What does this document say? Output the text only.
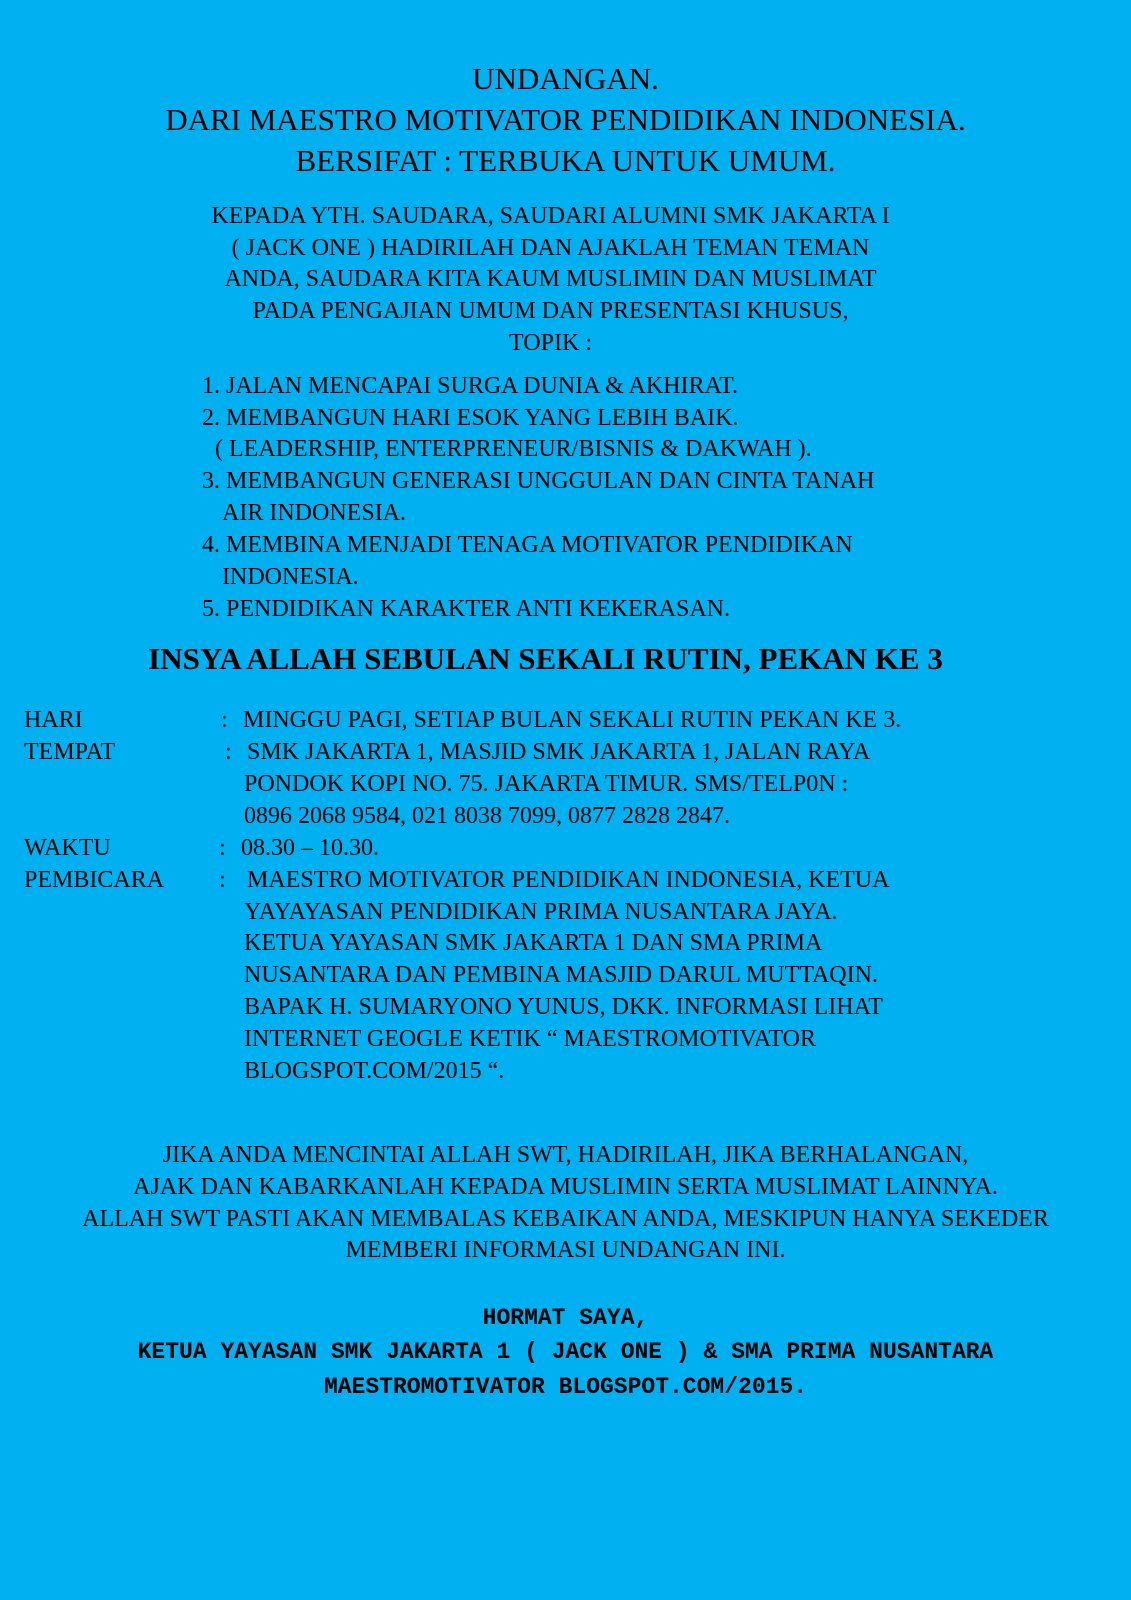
UNDANGAN.
DARI MAESTRO MOTIVATOR PENDIDIKAN INDONESIA.
BERSIFAT : TERBUKA UNTUK UMUM.
KEPADA YTH. SAUDARA, SAUDARI ALUMNI SMK JAKARTA I
( JACK ONE ) HADIRILAH DAN AJAKLAH TEMAN TEMAN
ANDA, SAUDARA KITA KAUM MUSLIMIN DAN MUSLIMAT
PADA PENGAJIAN UMUM DAN PRESENTASI KHUSUS,
TOPIK :
1. JALAN MENCAPAI SURGA DUNIA & AKHIRAT.
2. MEMBANGUN HARI ESOK YANG LEBIH BAIK.
( LEADERSHIP, ENTERPRENEUR/BISNIS & DAKWAH ).
3. MEMBANGUN GENERASI UNGGULAN DAN CINTA TANAH
AIR INDONESIA.
4. MEMBINA MENJADI TENAGA MOTIVATOR PENDIDIKAN
INDONESIA.
5. PENDIDIKAN KARAKTER ANTI KEKERASAN.
INSYA ALLAH SEBULAN SEKALI RUTIN, PEKAN KE 3
HARI	: MINGGU PAGI, SETIAP BULAN SEKALI RUTIN PEKAN KE 3.
TEMPAT	: SMK JAKARTA 1, MASJID SMK JAKARTA 1, JALAN RAYA
PONDOK KOPI NO. 75. JAKARTA TIMUR. SMS/TELP0N :
0896 2068 9584, 021 8038 7099, 0877 2828 2847.
WAKTU	: 08.30 – 10.30.
PEMBICARA : MAESTRO MOTIVATOR PENDIDIKAN INDONESIA, KETUA
YAYAYASAN PENDIDIKAN PRIMA NUSANTARA JAYA.
KETUA YAYASAN SMK JAKARTA 1 DAN SMA PRIMA
NUSANTARA DAN PEMBINA MASJID DARUL MUTTAQIN.
BAPAK H. SUMARYONO YUNUS, DKK. INFORMASI LIHAT
INTERNET GEOGLE KETIK “ MAESTROMOTIVATOR
BLOGSPOT.COM/2015 “.
JIKA ANDA MENCINTAI ALLAH SWT, HADIRILAH, JIKA BERHALANGAN,
AJAK DAN KABARKANLAH KEPADA MUSLIMIN SERTA MUSLIMAT LAINNYA.
ALLAH SWT PASTI AKAN MEMBALAS KEBAIKAN ANDA, MESKIPUN HANYA SEKEDER
MEMBERI INFORMASI UNDANGAN INI.
HORMAT SAYA,
KETUA YAYASAN SMK JAKARTA 1 ( JACK ONE ) & SMA PRIMA NUSANTARA
MAESTROMOTIVATOR BLOGSPOT.COM/2015.
